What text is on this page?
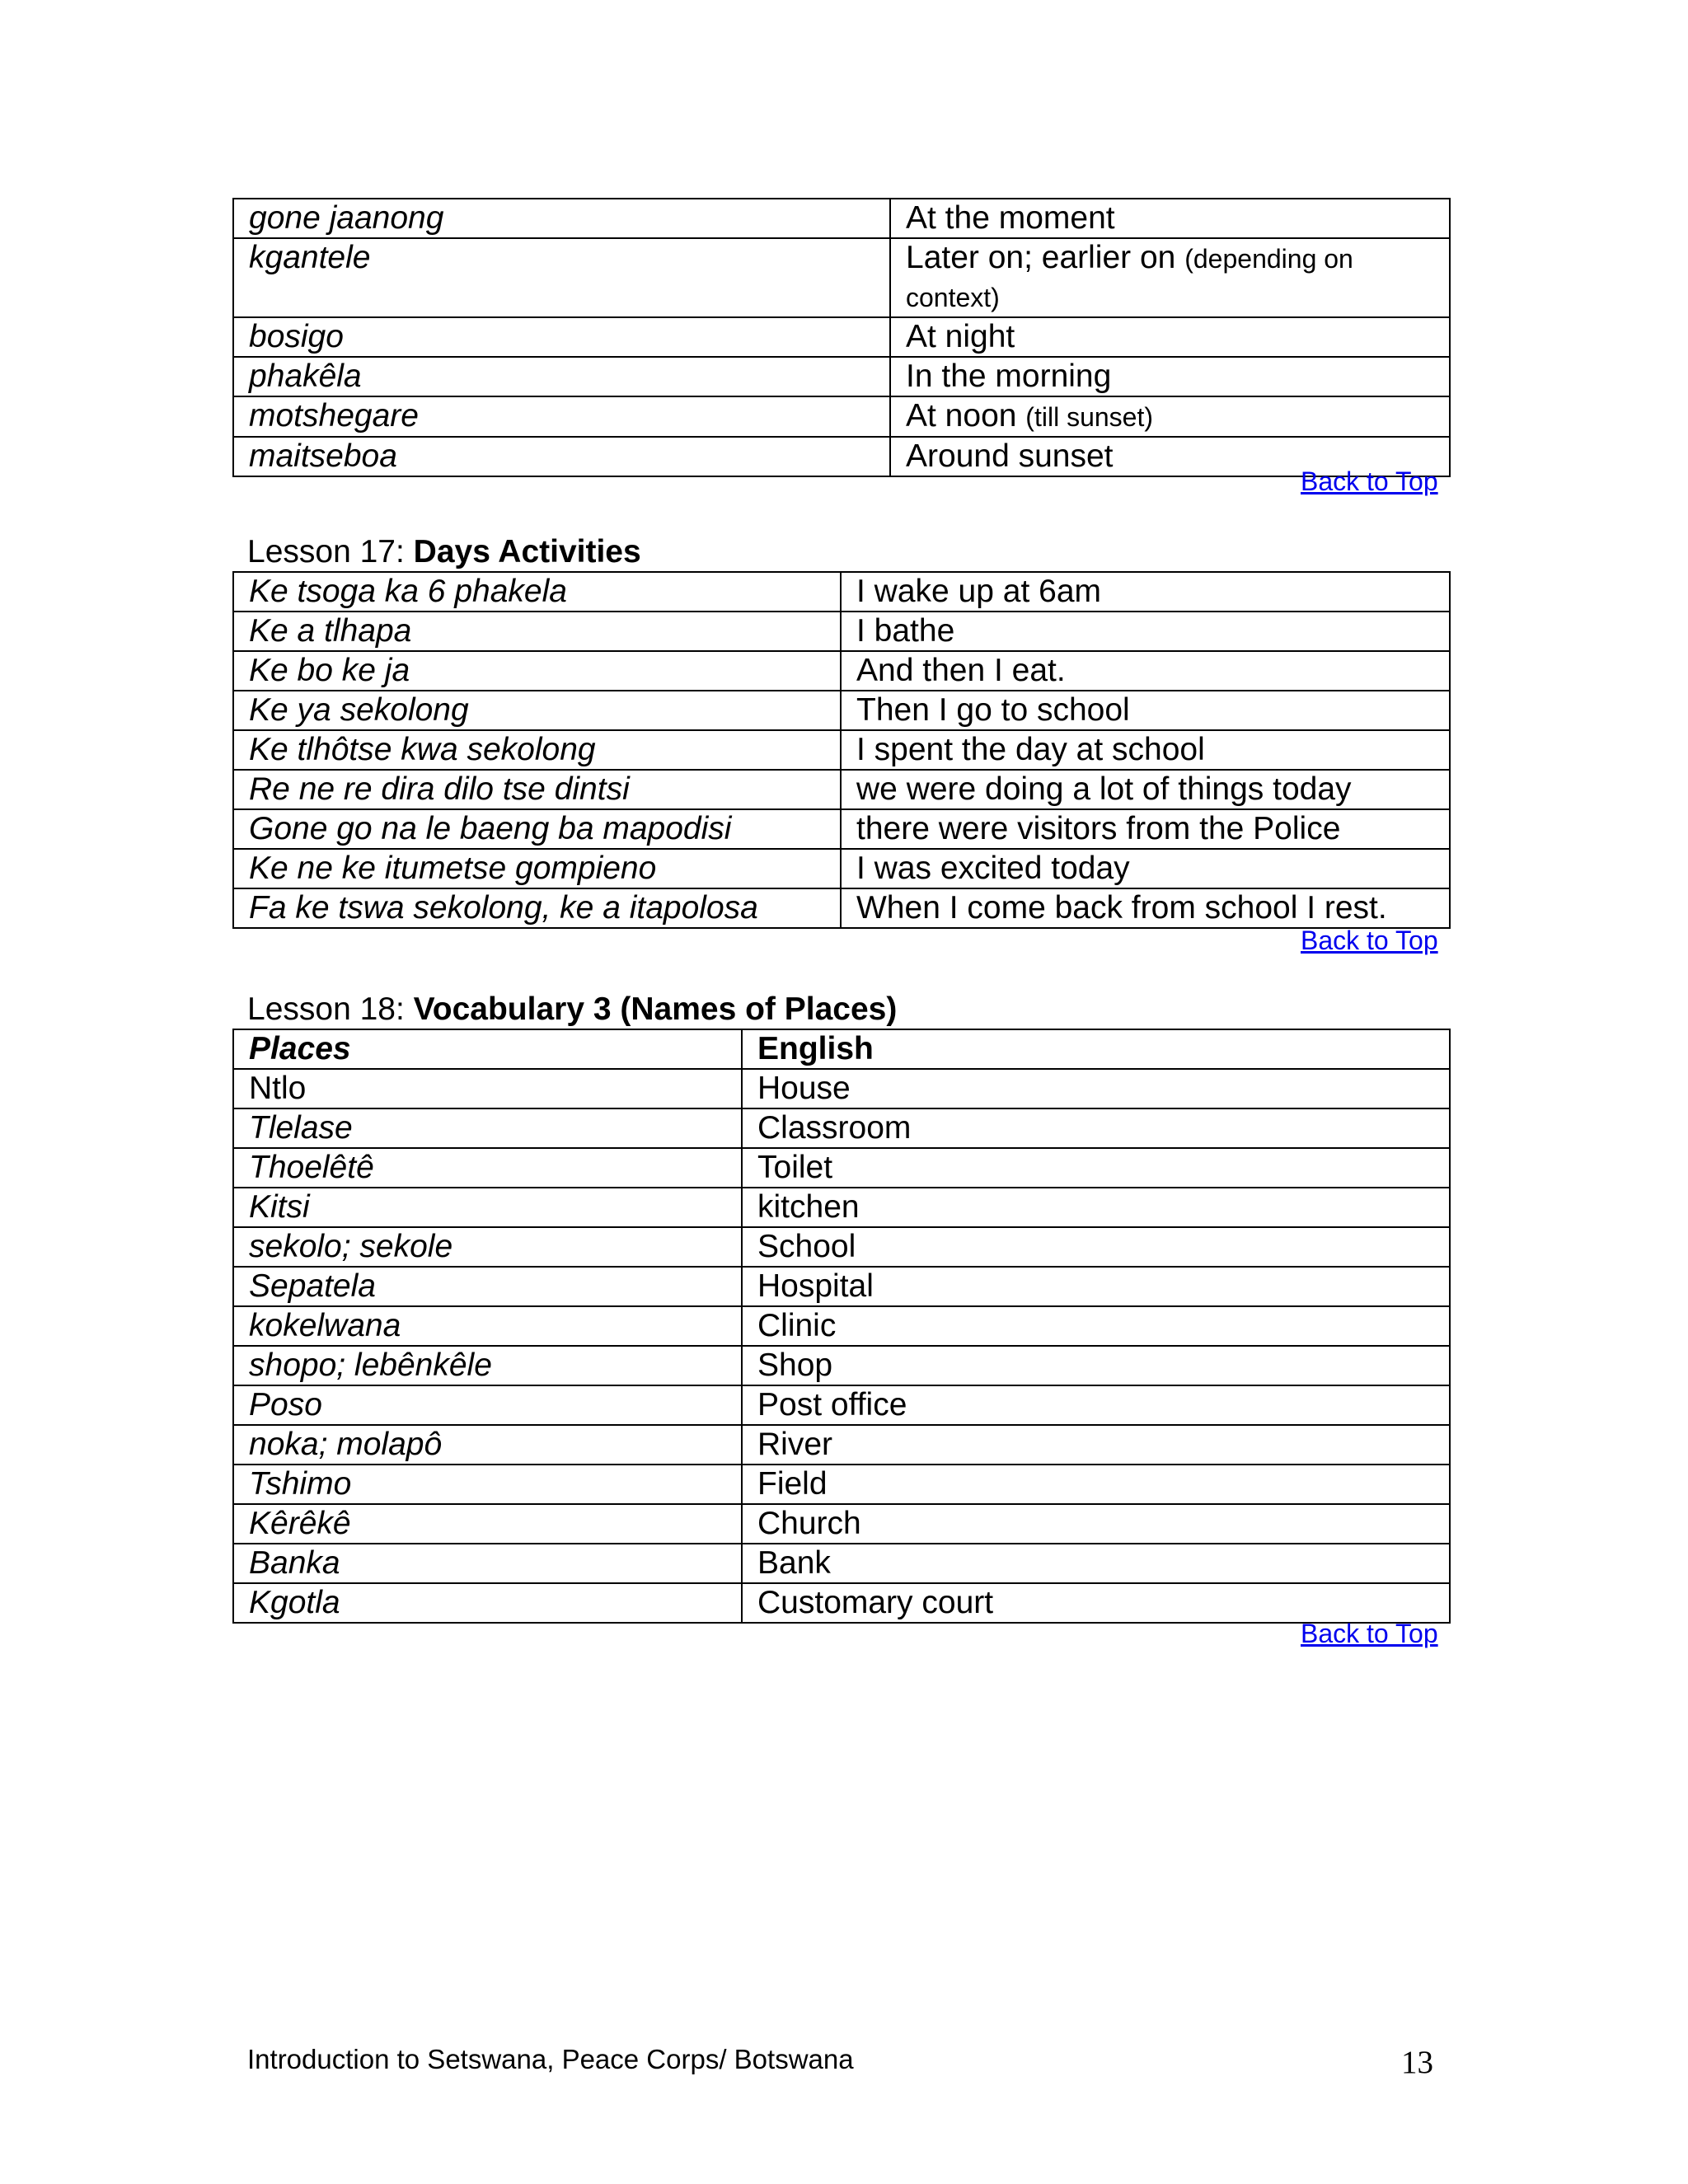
gone jaanong	At the moment
kgantele	Later on; earlier on (depending on context)
bosigo	At night
phakêla	In the morning
motshegare	At noon (till sunset)
maitseboa	Around sunset
Back to Top
Lesson 17: Days Activities
Ke tsoga ka 6 phakela	I wake up at 6am
Ke a tlhapa	I bathe
Ke bo ke ja	And then I eat.
Ke ya sekolong	Then I go to school
Ke tlhôtse kwa sekolong	I spent the day at school
Re ne re dira dilo tse dintsi	we were doing a lot of things today
Gone go na le baeng ba mapodisi	there were visitors from the Police
Ke ne ke itumetse gompieno	I was excited today
Fa ke tswa sekolong, ke a itapolosa	When I come back from school I rest.
Back to Top
Lesson 18: Vocabulary 3 (Names of Places)
Places	English
Ntlo	House
Tlelase	Classroom
Thoelêtê	Toilet
Kitsi	kitchen
sekolo; sekole	School
Sepatela	Hospital
kokelwana	Clinic
shopo; lebênkêle	Shop
Poso	Post office
noka; molapô	River
Tshimo	Field
Kêrêkê	Church
Banka	Bank
Kgotla	Customary court
Back to Top
Introduction to Setswana, Peace Corps/ Botswana	13
